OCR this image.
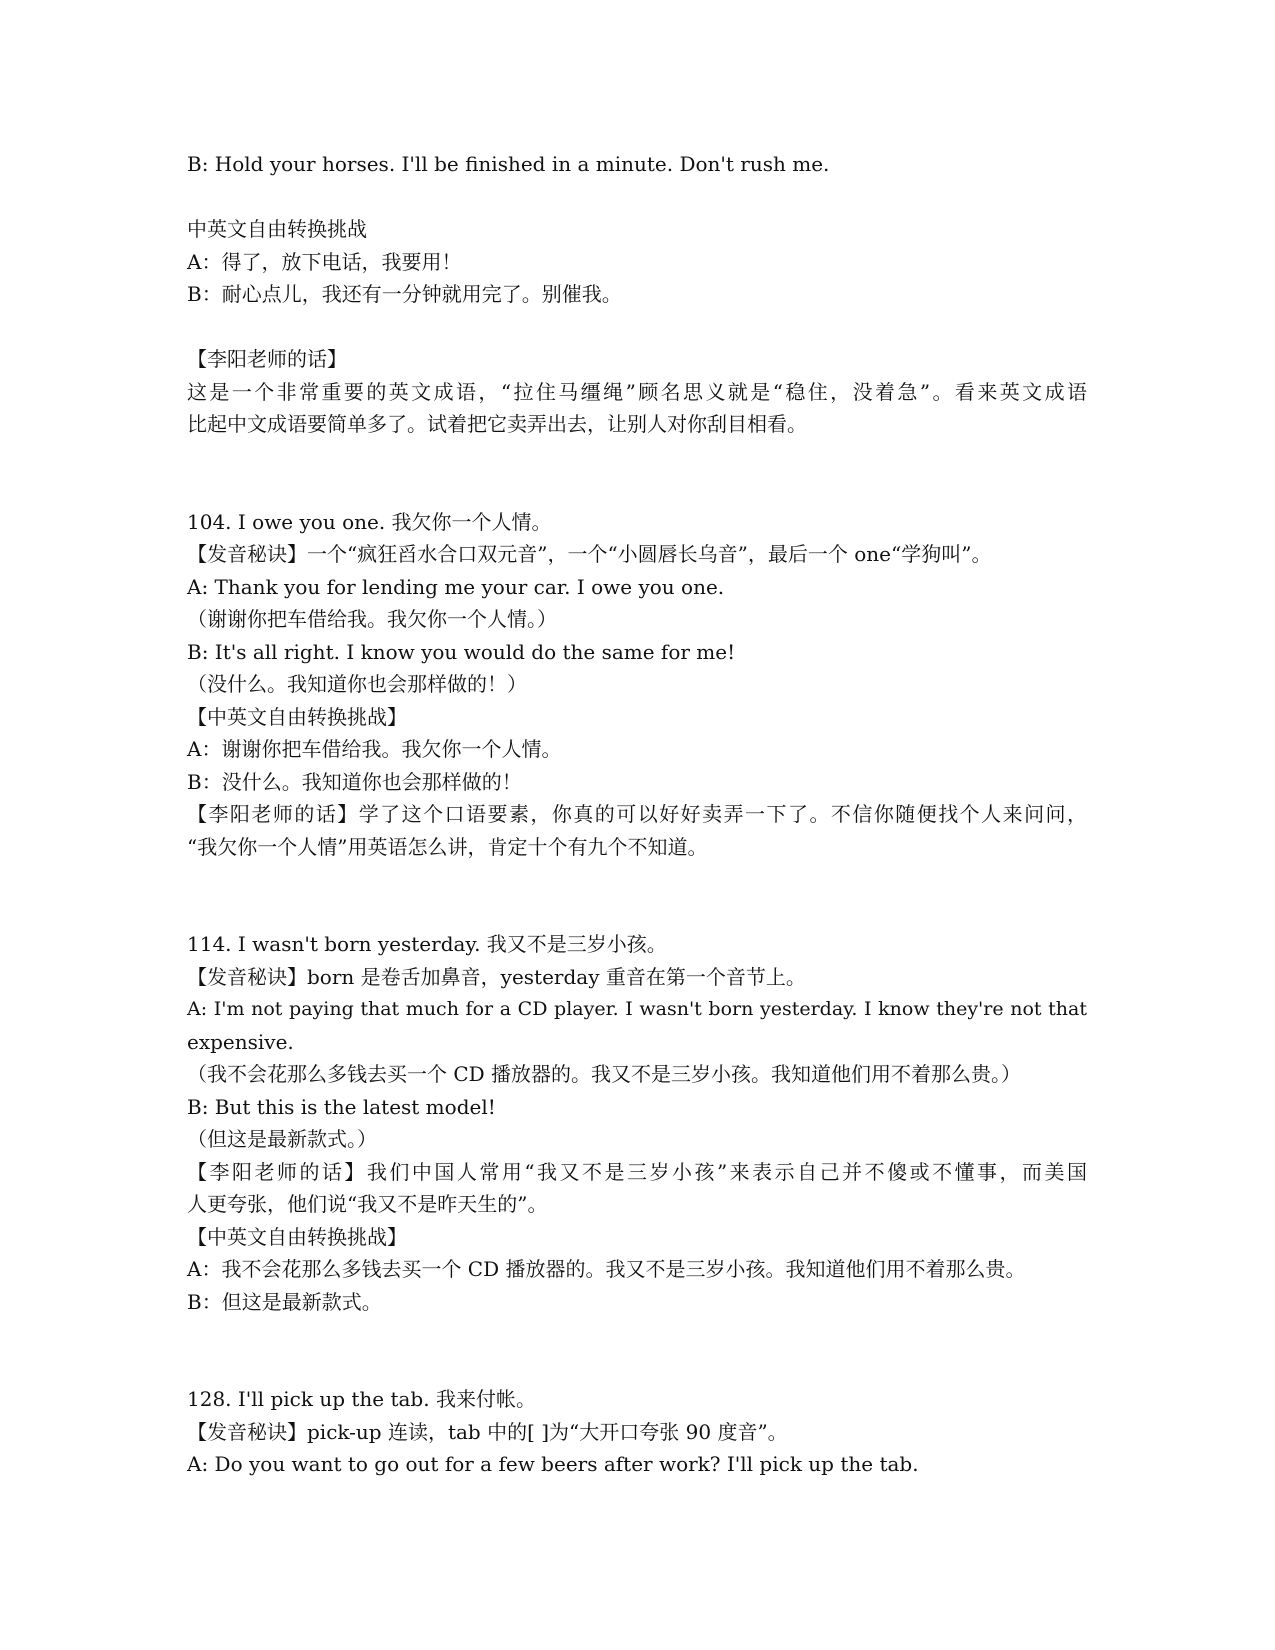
B: Hold your horses. I'll be finished in a minute. Don't rush me.

中英文自由转换挑战

A：得了，放下电话，我要用！

B：耐心点儿，我还有一分钟就用完了。别催我。

【李阳老师的话】

这是一个非常重要的英文成语，“拉住马缰绳”顾名思义就是“稳住，没着急”。看来英文成语

比起中文成语要简单多了。试着把它卖弄出去，让别人对你刮目相看。

104. I owe you one. 我欠你一个人情。

【发音秘诀】一个“疯狂舀水合口双元音”，一个“小圆唇长乌音”，最后一个 one“学狗叫”。

A: Thank you for lending me your car. I owe you one.

（谢谢你把车借给我。我欠你一个人情。）

B: It's all right. I know you would do the same for me!

（没什么。我知道你也会那样做的！）

【中英文自由转换挑战】

A：谢谢你把车借给我。我欠你一个人情。

B：没什么。我知道你也会那样做的！

【李阳老师的话】学了这个口语要素，你真的可以好好卖弄一下了。不信你随便找个人来问问，

“我欠你一个人情”用英语怎么讲，肯定十个有九个不知道。

114. I wasn't born yesterday. 我又不是三岁小孩。

【发音秘诀】born 是卷舌加鼻音，yesterday 重音在第一个音节上。

A: I'm not paying that much for a CD player. I wasn't born yesterday. I know they're not that

expensive.

（我不会花那么多钱去买一个 CD 播放器的。我又不是三岁小孩。我知道他们用不着那么贵。）

B: But this is the latest model!

（但这是最新款式。）

【李阳老师的话】我们中国人常用“我又不是三岁小孩”来表示自己并不傻或不懂事，而美国

人更夸张，他们说“我又不是昨天生的”。

【中英文自由转换挑战】

A：我不会花那么多钱去买一个 CD 播放器的。我又不是三岁小孩。我知道他们用不着那么贵。

B：但这是最新款式。

128. I'll pick up the tab. 我来付帐。

【发音秘诀】pick-up 连读，tab 中的[ ]为“大开口夸张 90 度音”。

A: Do you want to go out for a few beers after work? I'll pick up the tab.
